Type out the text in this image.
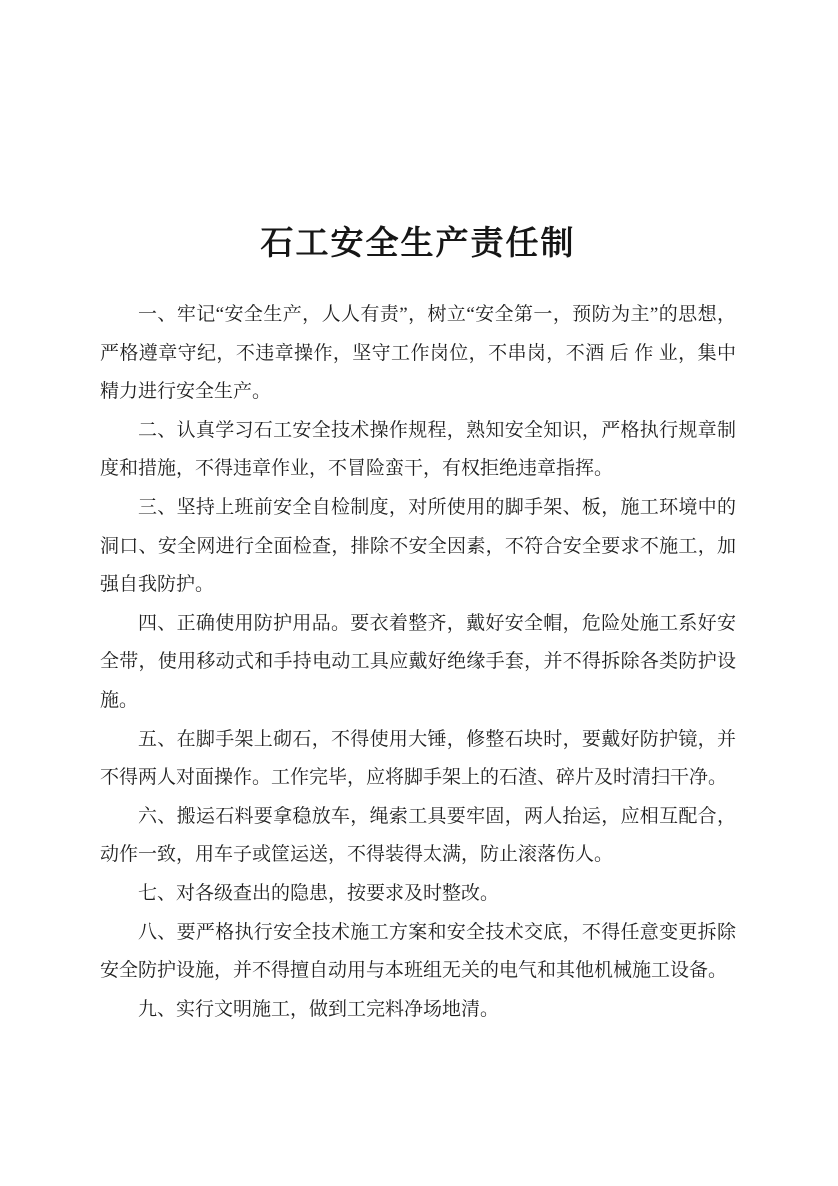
石工安全生产责任制

一、牢记“安全生产，人人有责”，树立“安全第一，预防为主”的思想，严格遵章守纪，不违章操作，坚守工作岗位，不串岗，不酒 后 作 业，集中精力进行安全生产。

二、认真学习石工安全技术操作规程，熟知安全知识，严格执行规章制度和措施，不得违章作业，不冒险蛮干，有权拒绝违章指挥。

三、坚持上班前安全自检制度，对所使用的脚手架、板，施工环境中的洞口、安全网进行全面检查，排除不安全因素，不符合安全要求不施工，加强自我防护。

四、正确使用防护用品。要衣着整齐，戴好安全帽，危险处施工系好安全带，使用移动式和手持电动工具应戴好绝缘手套，并不得拆除各类防护设施。

五、在脚手架上砌石，不得使用大锤，修整石块时，要戴好防护镜，并不得两人对面操作。工作完毕，应将脚手架上的石渣、碎片及时清扫干净。

六、搬运石料要拿稳放车，绳索工具要牢固，两人抬运，应相互配合，动作一致，用车子或筐运送，不得装得太满，防止滚落伤人。

七、对各级查出的隐患，按要求及时整改。

八、要严格执行安全技术施工方案和安全技术交底，不得任意变更拆除安全防护设施，并不得擅自动用与本班组无关的电气和其他机械施工设备。

九、实行文明施工，做到工完料净场地清。
